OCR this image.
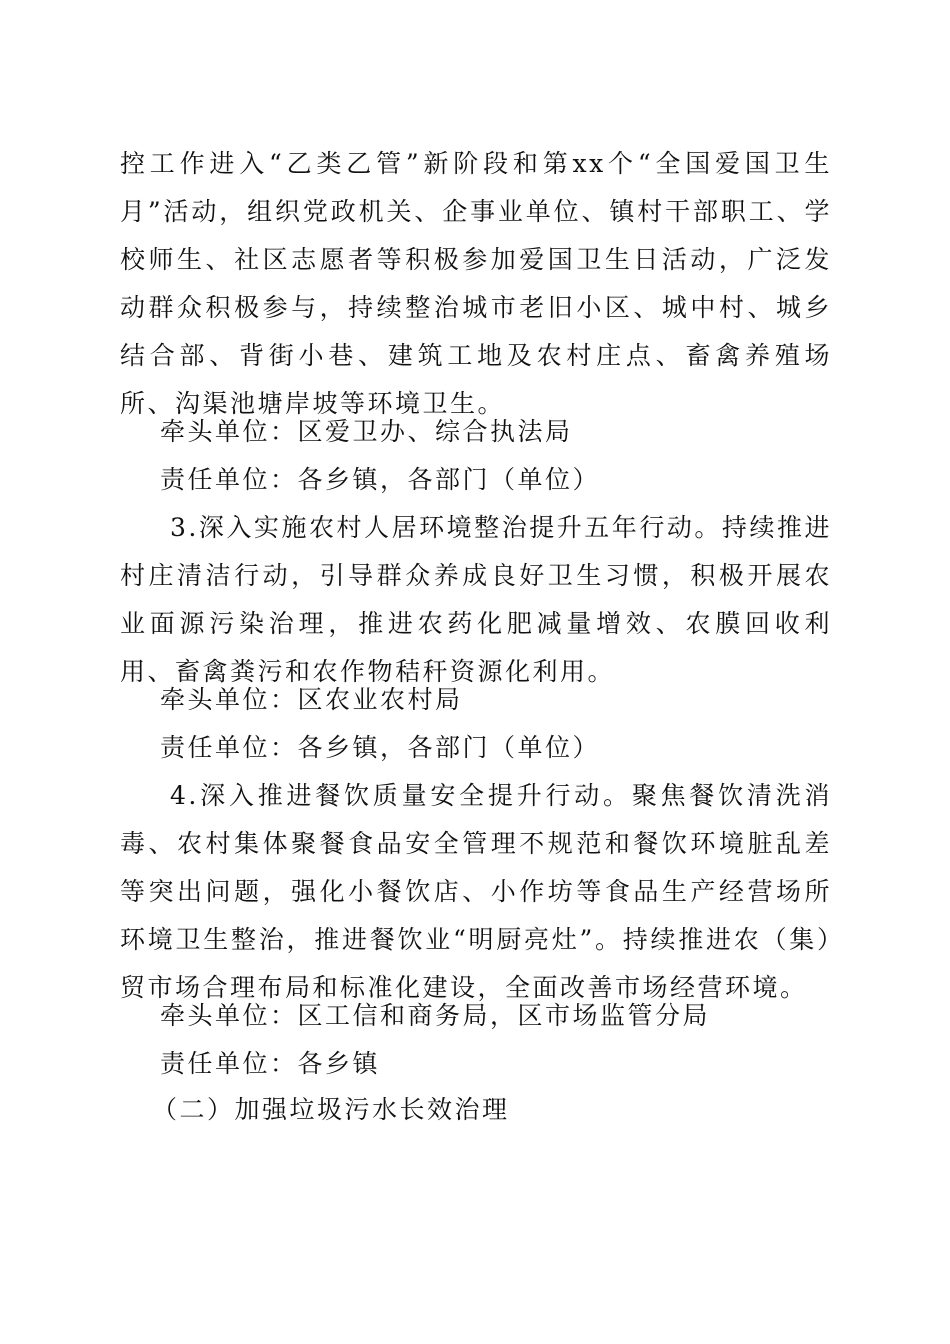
控工作进入“乙类乙管”新阶段和第xx个“全国爱国卫生月”活动，组织党政机关、企事业单位、镇村干部职工、学校师生、社区志愿者等积极参加爱国卫生日活动，广泛发动群众积极参与，持续整治城市老旧小区、城中村、城乡结合部、背街小巷、建筑工地及农村庄点、畜禽养殖场所、沟渠池塘岸坡等环境卫生。

牵头单位：区爱卫办、综合执法局

责任单位：各乡镇，各部门（单位）

3.深入实施农村人居环境整治提升五年行动。持续推进村庄清洁行动，引导群众养成良好卫生习惯，积极开展农业面源污染治理，推进农药化肥减量增效、农膜回收利用、畜禽粪污和农作物秸秆资源化利用。

牵头单位：区农业农村局

责任单位：各乡镇，各部门（单位）

4.深入推进餐饮质量安全提升行动。聚焦餐饮清洗消毒、农村集体聚餐食品安全管理不规范和餐饮环境脏乱差等突出问题，强化小餐饮店、小作坊等食品生产经营场所环境卫生整治，推进餐饮业“明厨亮灶”。持续推进农（集）贸市场合理布局和标准化建设，全面改善市场经营环境。

牵头单位：区工信和商务局，区市场监管分局

责任单位：各乡镇

（二）加强垃圾污水长效治理
